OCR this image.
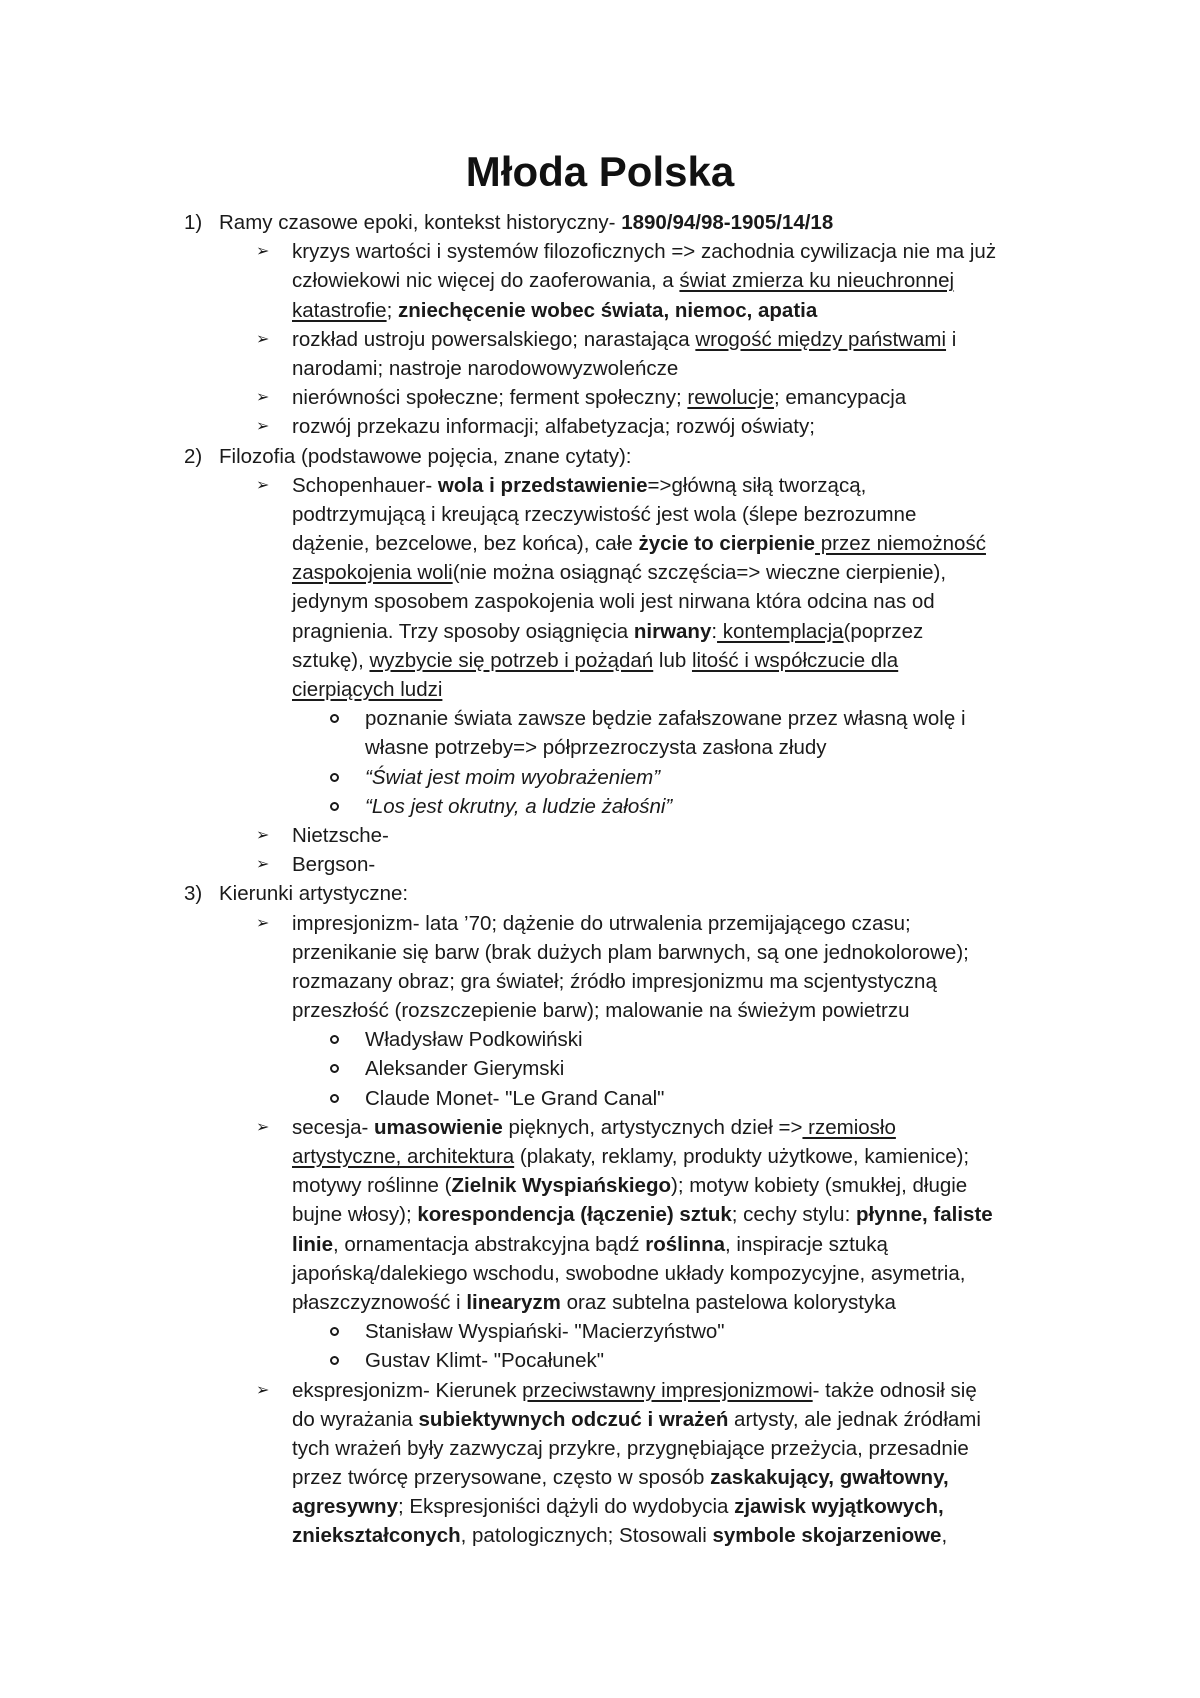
Młoda Polska
1) Ramy czasowe epoki, kontekst historyczny- 1890/94/98-1905/14/18
➢ kryzys wartości i systemów filozoficznych => zachodnia cywilizacja nie ma już
człowiekowi nic więcej do zaoferowania, a świat zmierza ku nieuchronnej
katastrofie; zniechęcenie wobec świata, niemoc, apatia
➢ rozkład ustroju powersalskiego; narastająca wrogość między państwami i
narodami; nastroje narodowowyzwoleńcze
➢ nierówności społeczne; ferment społeczny; rewolucje; emancypacja
➢ rozwój przekazu informacji; alfabetyzacja; rozwój oświaty;
2) Filozofia (podstawowe pojęcia, znane cytaty):
➢ Schopenhauer- wola i przedstawienie=>główną siłą tworzącą,
podtrzymującą i kreującą rzeczywistość jest wola (ślepe bezrozumne
dążenie, bezcelowe, bez końca), całe życie to cierpienie przez niemożność
zaspokojenia woli(nie można osiągnąć szczęścia=> wieczne cierpienie),
jedynym sposobem zaspokojenia woli jest nirwana która odcina nas od
pragnienia. Trzy sposoby osiągnięcia nirwany: kontemplacja(poprzez
sztukę), wyzbycie się potrzeb i pożądań lub litość i współczucie dla
cierpiących ludzi
poznanie świata zawsze będzie zafałszowane przez własną wolę i
własne potrzeby=> półprzezroczysta zasłona złudy
“Świat jest moim wyobrażeniem”
“Los jest okrutny, a ludzie żałośni”
➢ Nietzsche-
➢ Bergson-
3) Kierunki artystyczne:
➢ impresjonizm- lata ’70; dążenie do utrwalenia przemijającego czasu;
przenikanie się barw (brak dużych plam barwnych, są one jednokolorowe);
rozmazany obraz; gra świateł; źródło impresjonizmu ma scjentystyczną
przeszłość (rozszczepienie barw); malowanie na świeżym powietrzu
Władysław Podkowiński
Aleksander Gierymski
Claude Monet- "Le Grand Canal"
➢ secesja- umasowienie pięknych, artystycznych dzieł => rzemiosło
artystyczne, architektura (plakaty, reklamy, produkty użytkowe, kamienice);
motywy roślinne (Zielnik Wyspiańskiego); motyw kobiety (smukłej, długie
bujne włosy); korespondencja (łączenie) sztuk; cechy stylu: płynne, faliste
linie, ornamentacja abstrakcyjna bądź roślinna, inspiracje sztuką
japońską/dalekiego wschodu, swobodne układy kompozycyjne, asymetria,
płaszczyznowość i linearyzm oraz subtelna pastelowa kolorystyka
Stanisław Wyspiański- "Macierzyństwo"
Gustav Klimt- "Pocałunek"
➢ ekspresjonizm- Kierunek przeciwstawny impresjonizmowi- także odnosił się
do wyrażania subiektywnych odczuć i wrażeń artysty, ale jednak źródłami
tych wrażeń były zazwyczaj przykre, przygnębiające przeżycia, przesadnie
przez twórcę przerysowane, często w sposób zaskakujący, gwałtowny,
agresywny; Ekspresjoniści dążyli do wydobycia zjawisk wyjątkowych,
zniekształconych, patologicznych; Stosowali symbole skojarzeniowe,
